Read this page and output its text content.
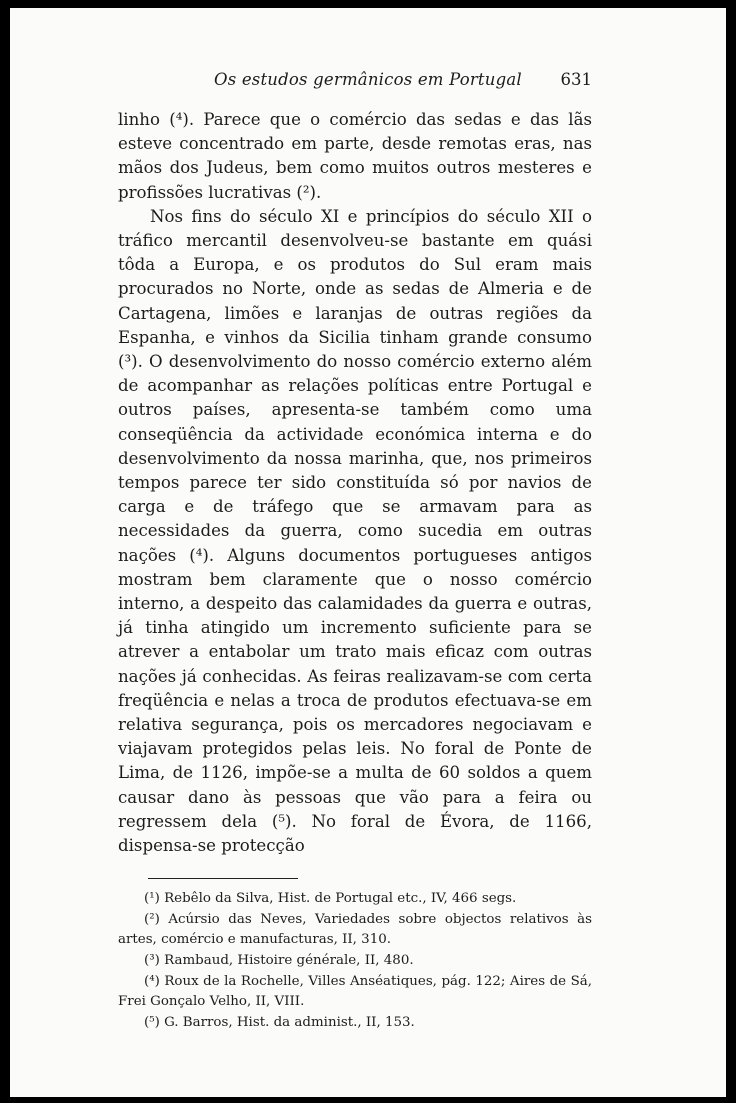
Os estudos germânicos em Portugal 631

linho (⁴). Parece que o comércio das sedas e das lãs esteve concentrado em parte, desde remotas eras, nas mãos dos Judeus, bem como muitos outros mesteres e profissões lucrativas (²).

Nos fins do século XI e princípios do século XII o tráfico mercantil desenvolveu-se bastante em quási tôda a Europa, e os produtos do Sul eram mais procurados no Norte, onde as sedas de Almeria e de Cartagena, limões e laranjas de outras regiões da Espanha, e vinhos da Sicilia tinham grande consumo (³). O desenvolvimento do nosso comércio externo além de acompanhar as relações políticas entre Portugal e outros países, apresenta-se também como uma conseqüência da actividade económica interna e do desenvolvimento da nossa marinha, que, nos primeiros tempos parece ter sido constituída só por navios de carga e de tráfego que se armavam para as necessidades da guerra, como sucedia em outras nações (⁴). Alguns documentos portugueses antigos mostram bem claramente que o nosso comércio interno, a despeito das calamidades da guerra e outras, já tinha atingido um incremento suficiente para se atrever a entabolar um trato mais eficaz com outras nações já conhecidas. As feiras realizavam-se com certa freqüência e nelas a troca de produtos efectuava-se em relativa segurança, pois os mercadores negociavam e viajavam protegidos pelas leis. No foral de Ponte de Lima, de 1126, impõe-se a multa de 60 soldos a quem causar dano às pessoas que vão para a feira ou regressem dela (⁵). No foral de Évora, de 1166, dispensa-se protecção

(¹) Rebêlo da Silva, Hist. de Portugal etc., IV, 466 segs.

(²) Acúrsio das Neves, Variedades sobre objectos relativos às artes, comércio e manufacturas, II, 310.

(³) Rambaud, Histoire générale, II, 480.

(⁴) Roux de la Rochelle, Villes Anséatiques, pág. 122; Aires de Sá, Frei Gonçalo Velho, II, VIII.

(⁵) G. Barros, Hist. da administ., II, 153.
